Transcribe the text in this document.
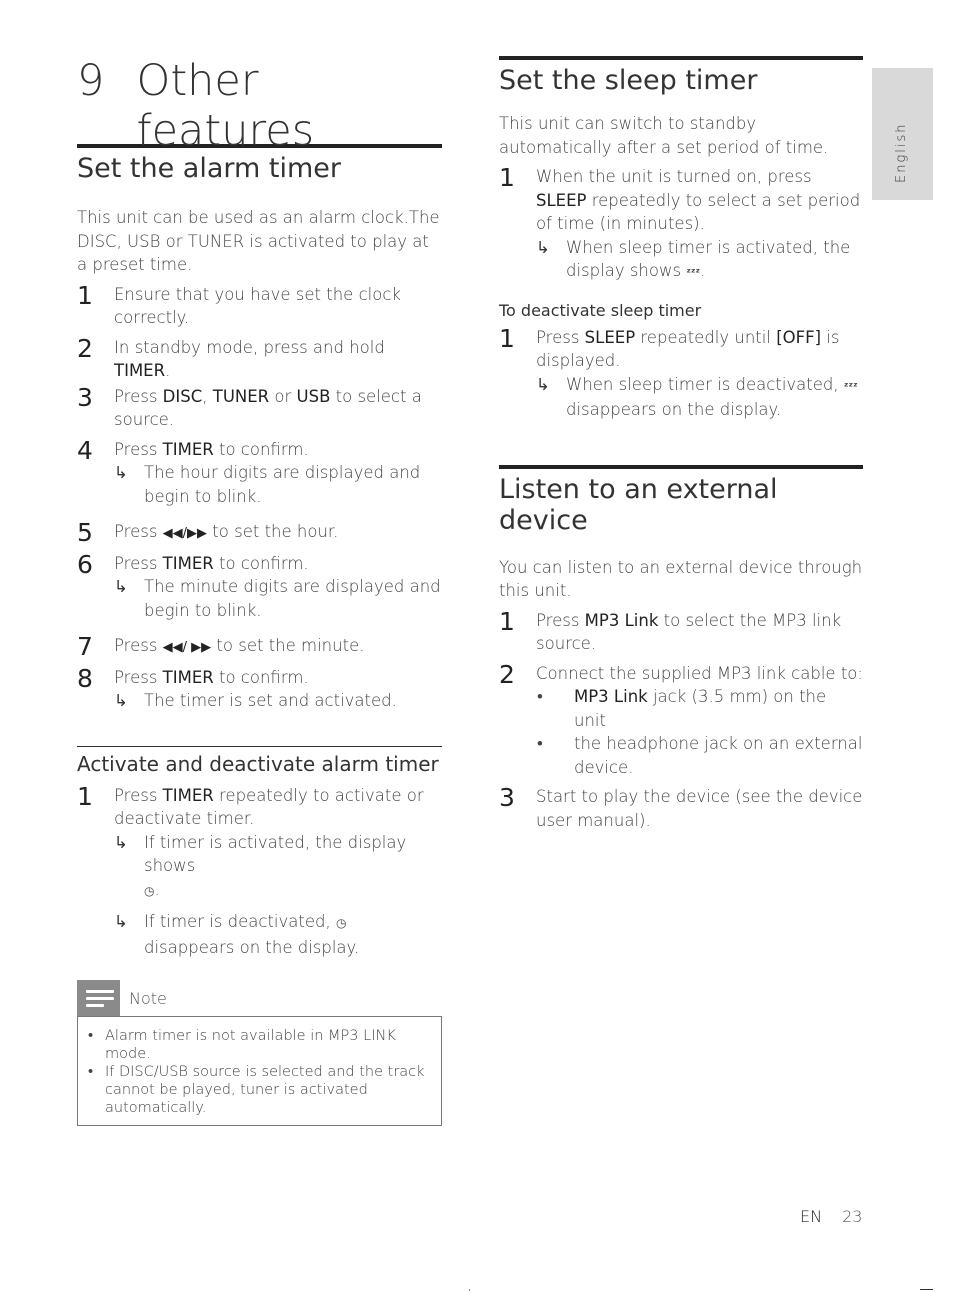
English
9 Other features
Set the alarm timer

This unit can be used as an alarm clock.The DISC, USB or TUNER is activated to play at a preset time.

1	Ensure that you have set the clock correctly.
2	In standby mode, press and hold TIMER.
3	Press DISC, TUNER or USB to select a source.
4	Press TIMER to confirm.
↳ The hour digits are displayed and begin to blink.
5	Press ◀◀/▶▶ to set the hour.
6	Press TIMER to confirm.
↳ The minute digits are displayed and begin to blink.
7	Press ◀◀/ ▶▶ to set the minute.
8	Press TIMER to confirm.
↳ The timer is set and activated.
Activate and deactivate alarm timer
1	Press TIMER repeatedly to activate or deactivate timer.
↳ If timer is activated, the display shows
◷.
↳ If timer is deactivated, ◷ disappears on the display.
Note
• Alarm timer is not available in MP3 LINK mode.
• If DISC/USB source is selected and the track cannot be played, tuner is activated automatically.
Set the sleep timer

This unit can switch to standby automatically after a set period of time.

1	When the unit is turned on, press SLEEP repeatedly to select a set period of time (in minutes).
↳ When sleep timer is activated, the display shows ᶻᶻᶻ.
To deactivate sleep timer
1	Press SLEEP repeatedly until [OFF] is displayed.
↳ When sleep timer is deactivated, ᶻᶻᶻ
disappears on the display.
Listen to an external device

You can listen to an external device through this unit.

1	Press MP3 Link to select the MP3 link source.
2	Connect the supplied MP3 link cable to:
•	MP3 Link jack (3.5 mm) on the unit
•	the headphone jack on an external device.
3	Start to play the device (see the device user manual).
EN 23
